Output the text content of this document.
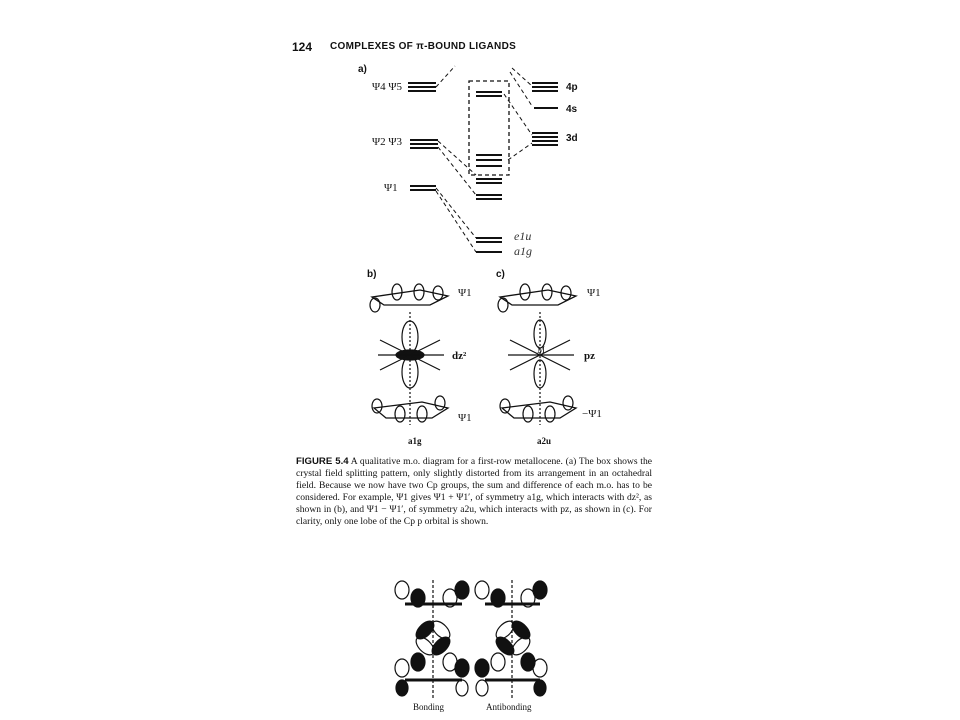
124 COMPLEXES OF π-BOUND LIGANDS
a)
Ψ4 Ψ5
Ψ2 Ψ3
Ψ1
4p
4s
3d
e1u
a1g
b)
Ψ1
dz²
Ψ1
a1g
c)
Ψ1
pz
−Ψ1
a2u
M
FIGURE 5.4 A qualitative m.o. diagram for a first-row metallocene. (a) The box shows the crystal field splitting pattern, only slightly distorted from its arrangement in an octahedral field. Because we now have two Cp groups, the sum and difference of each m.o. has to be considered. For example, Ψ1 gives Ψ1 + Ψ1′, of symmetry a1g, which interacts with dz², as shown in (b), and Ψ1 − Ψ1′, of symmetry a2u, which interacts with pz, as shown in (c). For clarity, only one lobe of the Cp p orbital is shown.
Bonding	Antibonding
